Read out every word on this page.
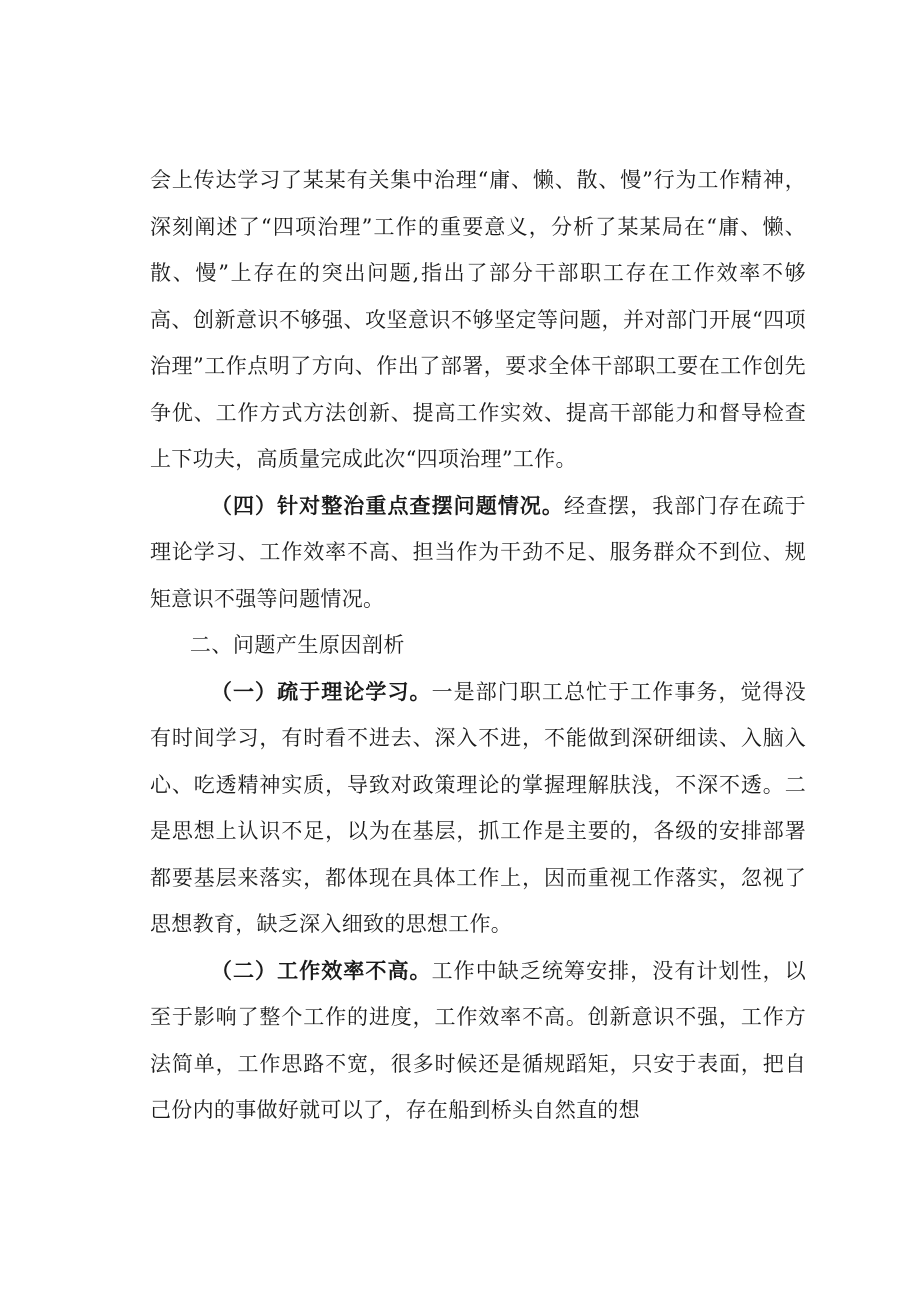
会上传达学习了某某有关集中治理“庸、懒、散、慢”行为工作精神，深刻阐述了“四项治理”工作的重要意义，分析了某某局在“庸、懒、散、慢”上存在的突出问题,指出了部分干部职工存在工作效率不够高、创新意识不够强、攻坚意识不够坚定等问题，并对部门开展“四项治理”工作点明了方向、作出了部署，要求全体干部职工要在工作创先争优、工作方式方法创新、提高工作实效、提高干部能力和督导检查上下功夫，高质量完成此次“四项治理”工作。

（四）针对整治重点查摆问题情况。经查摆，我部门存在疏于理论学习、工作效率不高、担当作为干劲不足、服务群众不到位、规矩意识不强等问题情况。

二、问题产生原因剖析

（一）疏于理论学习。一是部门职工总忙于工作事务，觉得没有时间学习，有时看不进去、深入不进，不能做到深研细读、入脑入心、吃透精神实质，导致对政策理论的掌握理解肤浅，不深不透。二是思想上认识不足，以为在基层，抓工作是主要的，各级的安排部署都要基层来落实，都体现在具体工作上，因而重视工作落实，忽视了思想教育，缺乏深入细致的思想工作。

（二）工作效率不高。工作中缺乏统筹安排，没有计划性，以至于影响了整个工作的进度，工作效率不高。创新意识不强，工作方法简单，工作思路不宽，很多时候还是循规蹈矩，只安于表面，把自己份内的事做好就可以了，存在船到桥头自然直的想
